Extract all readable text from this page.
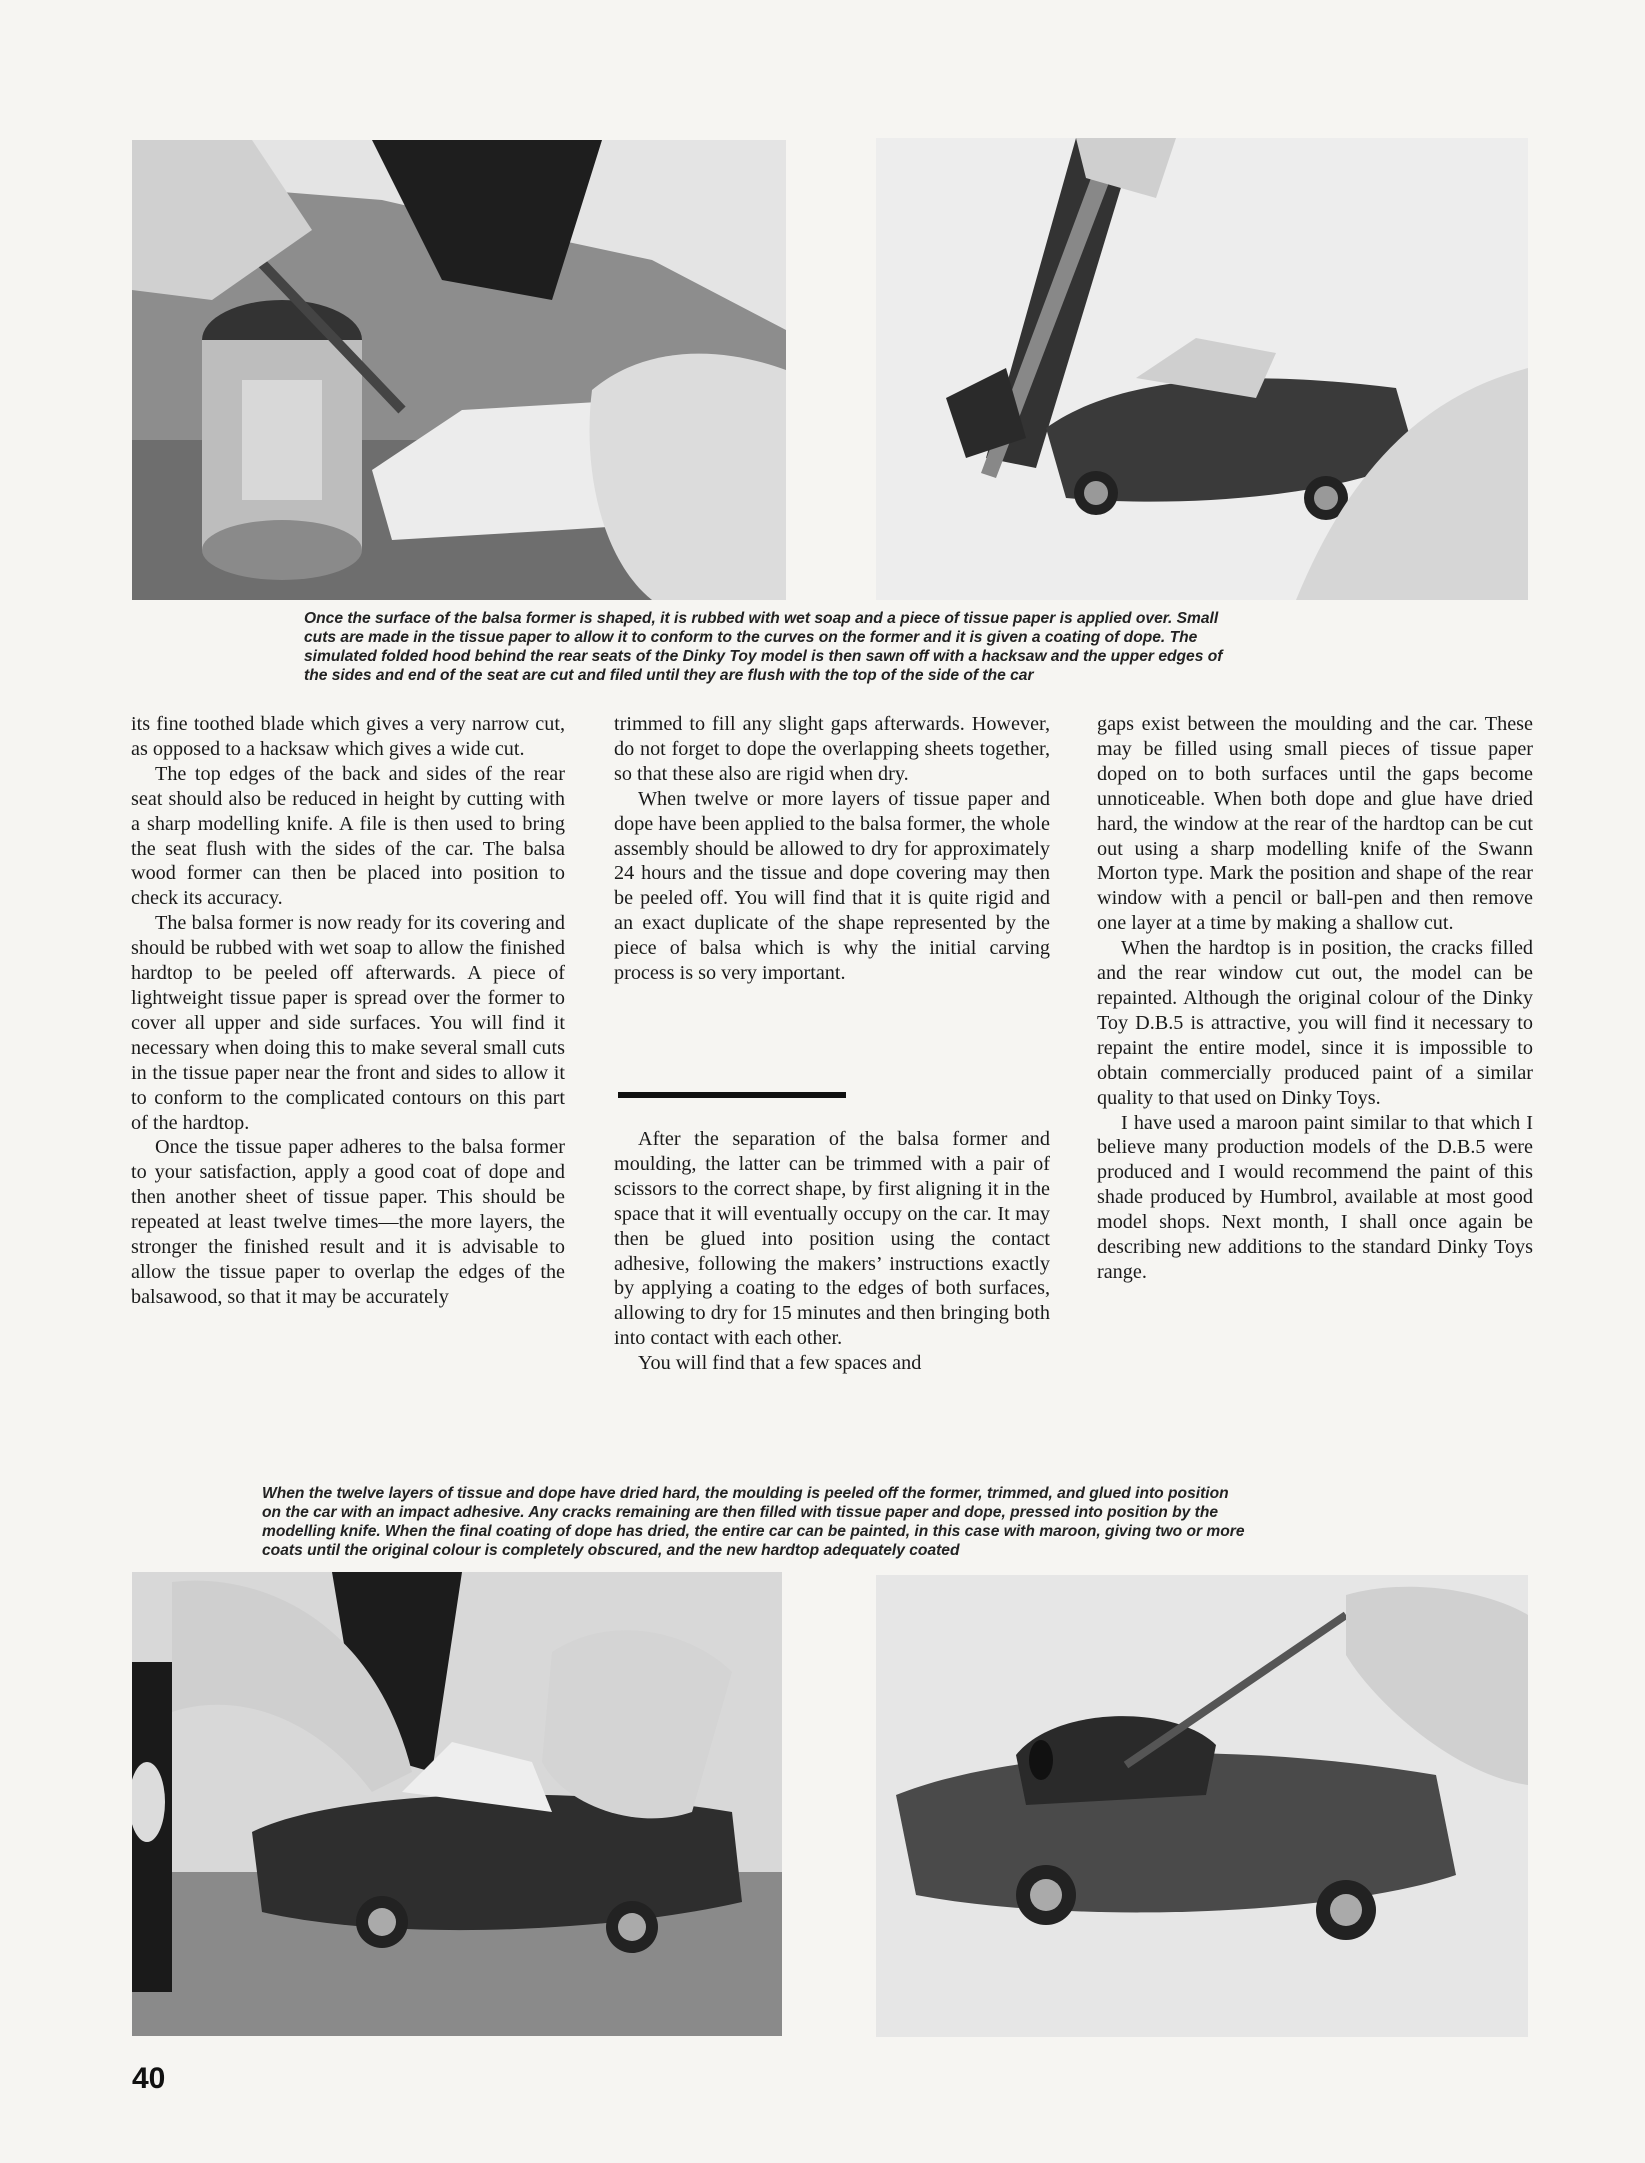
Once the surface of the balsa former is shaped, it is rubbed with wet soap and a piece of tissue paper is applied over. Small
cuts are made in the tissue paper to allow it to conform to the curves on the former and it is given a coating of dope. The
simulated folded hood behind the rear seats of the Dinky Toy model is then sawn off with a hacksaw and the upper edges of
the sides and end of the seat are cut and filed until they are flush with the top of the side of the car

its fine toothed blade which gives a very narrow cut, as opposed to a hacksaw which gives a wide cut.

The top edges of the back and sides of the rear seat should also be reduced in height by cutting with a sharp modelling knife. A file is then used to bring the seat flush with the sides of the car. The balsa wood former can then be placed into position to check its accuracy.

The balsa former is now ready for its covering and should be rubbed with wet soap to allow the finished hardtop to be peeled off afterwards. A piece of lightweight tissue paper is spread over the former to cover all upper and side surfaces. You will find it necessary when doing this to make several small cuts in the tissue paper near the front and sides to allow it to conform to the complicated contours on this part of the hardtop.

Once the tissue paper adheres to the balsa former to your satisfaction, apply a good coat of dope and then another sheet of tissue paper. This should be repeated at least twelve times—the more layers, the stronger the finished result and it is advisable to allow the tissue paper to overlap the edges of the balsawood, so that it may be accurately

trimmed to fill any slight gaps afterwards. However, do not forget to dope the overlapping sheets together, so that these also are rigid when dry.

When twelve or more layers of tissue paper and dope have been applied to the balsa former, the whole assembly should be allowed to dry for approximately 24 hours and the tissue and dope covering may then be peeled off. You will find that it is quite rigid and an exact duplicate of the shape represented by the piece of balsa which is why the initial carving process is so very important.

After the separation of the balsa former and moulding, the latter can be trimmed with a pair of scissors to the correct shape, by first aligning it in the space that it will eventually occupy on the car. It may then be glued into position using the contact adhesive, following the makers’ instructions exactly by applying a coating to the edges of both surfaces, allowing to dry for 15 minutes and then bringing both into contact with each other.

You will find that a few spaces and

gaps exist between the moulding and the car. These may be filled using small pieces of tissue paper doped on to both surfaces until the gaps become unnoticeable. When both dope and glue have dried hard, the window at the rear of the hardtop can be cut out using a sharp modelling knife of the Swann Morton type. Mark the position and shape of the rear window with a pencil or ball-pen and then remove one layer at a time by making a shallow cut.

When the hardtop is in position, the cracks filled and the rear window cut out, the model can be repainted. Although the original colour of the Dinky Toy D.B.5 is attractive, you will find it necessary to repaint the entire model, since it is impossible to obtain commercially produced paint of a similar quality to that used on Dinky Toys.

I have used a maroon paint similar to that which I believe many production models of the D.B.5 were produced and I would recommend the paint of this shade produced by Humbrol, available at most good model shops. Next month, I shall once again be describing new additions to the standard Dinky Toys range.

When the twelve layers of tissue and dope have dried hard, the moulding is peeled off the former, trimmed, and glued into position
on the car with an impact adhesive. Any cracks remaining are then filled with tissue paper and dope, pressed into position by the
modelling knife. When the final coating of dope has dried, the entire car can be painted, in this case with maroon, giving two or more
coats until the original colour is completely obscured, and the new hardtop adequately coated

40
